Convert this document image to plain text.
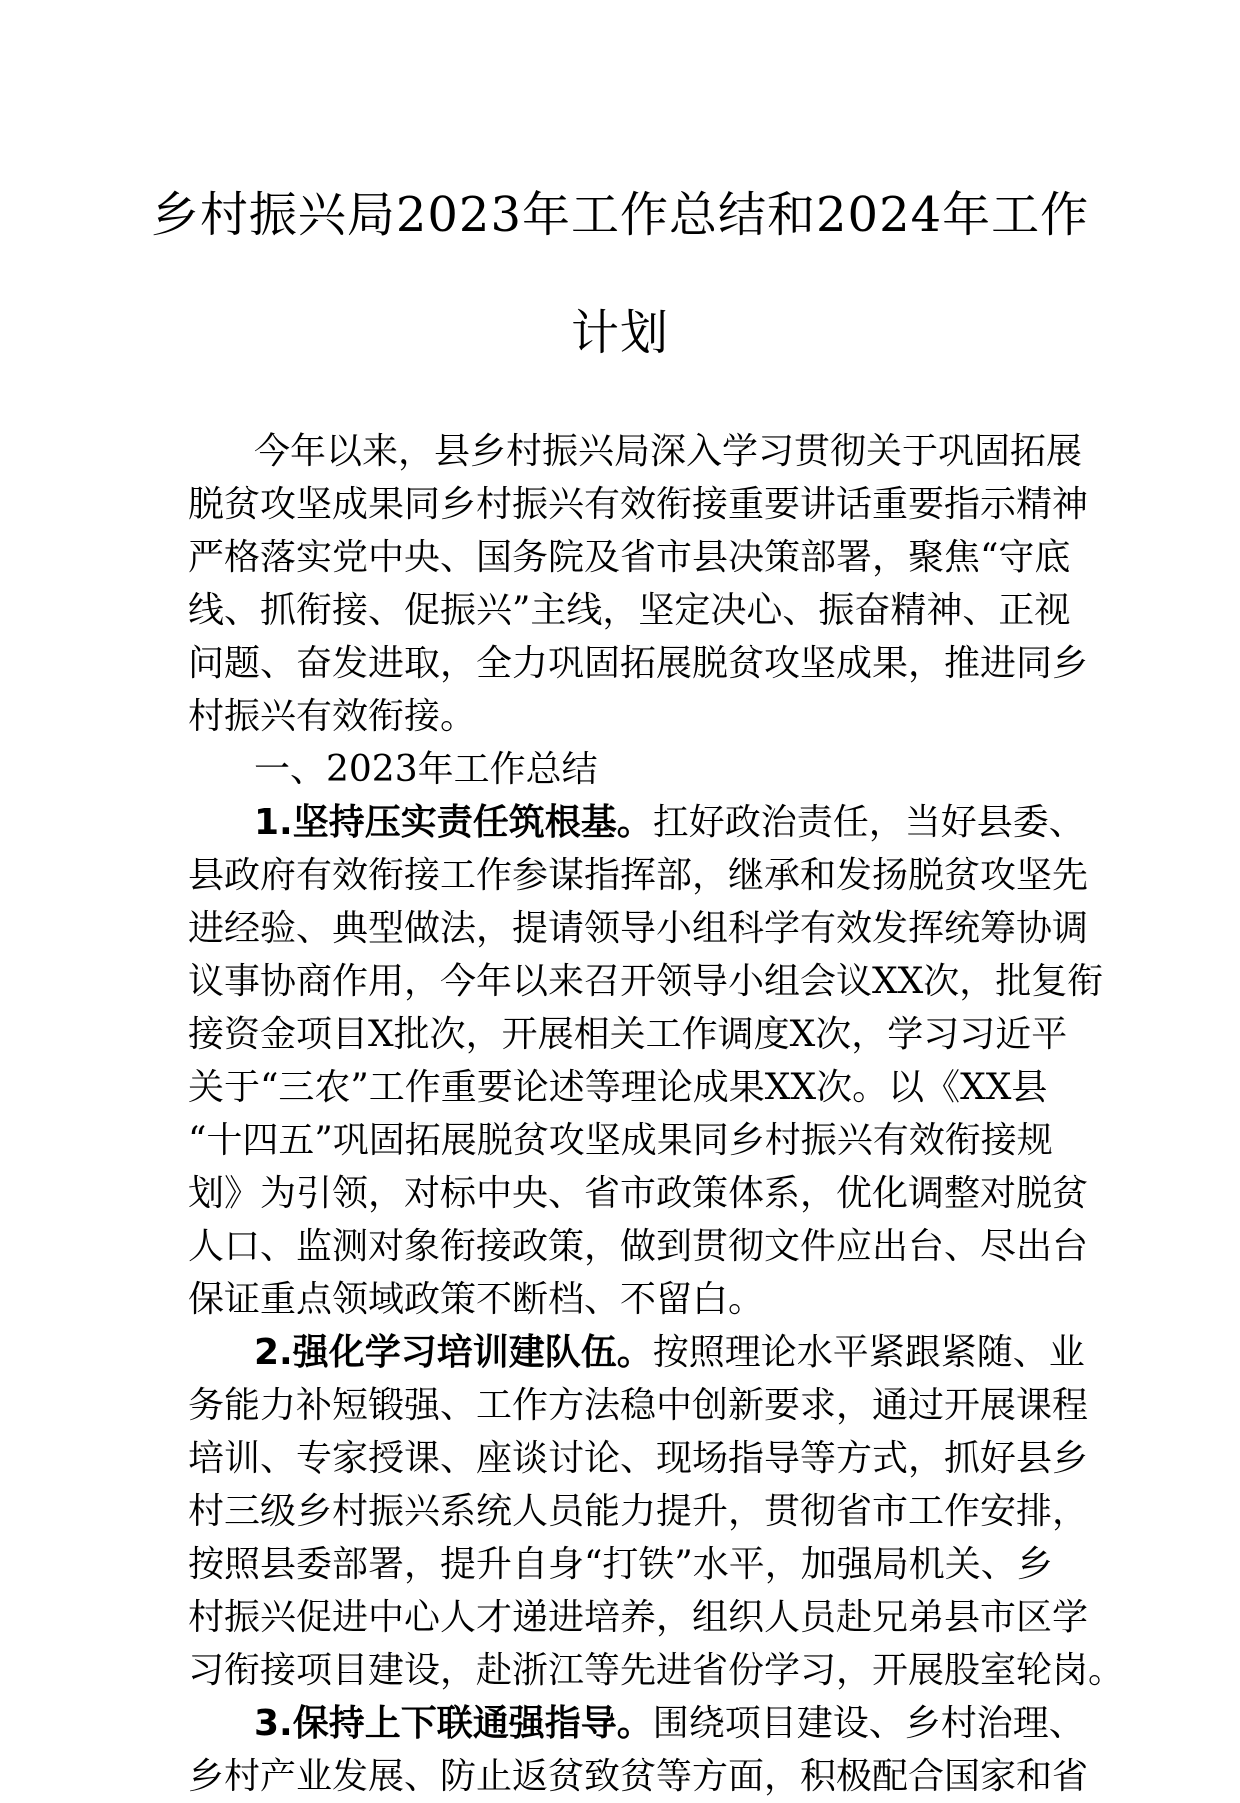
乡村振兴局2023年工作总结和2024年工作
计划
今年以来，县乡村振兴局深入学习贯彻关于巩固拓展
脱贫攻坚成果同乡村振兴有效衔接重要讲话重要指示精神
严格落实党中央、国务院及省市县决策部署，聚焦“守底
线、抓衔接、促振兴”主线，坚定决心、振奋精神、正视
问题、奋发进取，全力巩固拓展脱贫攻坚成果，推进同乡
村振兴有效衔接。
一、2023年工作总结
1.坚持压实责任筑根基。扛好政治责任，当好县委、
县政府有效衔接工作参谋指挥部，继承和发扬脱贫攻坚先
进经验、典型做法，提请领导小组科学有效发挥统筹协调
议事协商作用，今年以来召开领导小组会议XX次，批复衔
接资金项目X批次，开展相关工作调度X次，学习习近平
关于“三农”工作重要论述等理论成果XX次。以《XX县
“十四五”巩固拓展脱贫攻坚成果同乡村振兴有效衔接规
划》为引领，对标中央、省市政策体系，优化调整对脱贫
人口、监测对象衔接政策，做到贯彻文件应出台、尽出台
保证重点领域政策不断档、不留白。
2.强化学习培训建队伍。按照理论水平紧跟紧随、业
务能力补短锻强、工作方法稳中创新要求，通过开展课程
培训、专家授课、座谈讨论、现场指导等方式，抓好县乡
村三级乡村振兴系统人员能力提升，贯彻省市工作安排，
按照县委部署，提升自身“打铁”水平，加强局机关、乡
村振兴促进中心人才递进培养，组织人员赴兄弟县市区学
习衔接项目建设，赴浙江等先进省份学习，开展股室轮岗。
3.保持上下联通强指导。围绕项目建设、乡村治理、
乡村产业发展、防止返贫致贫等方面，积极配合国家和省
